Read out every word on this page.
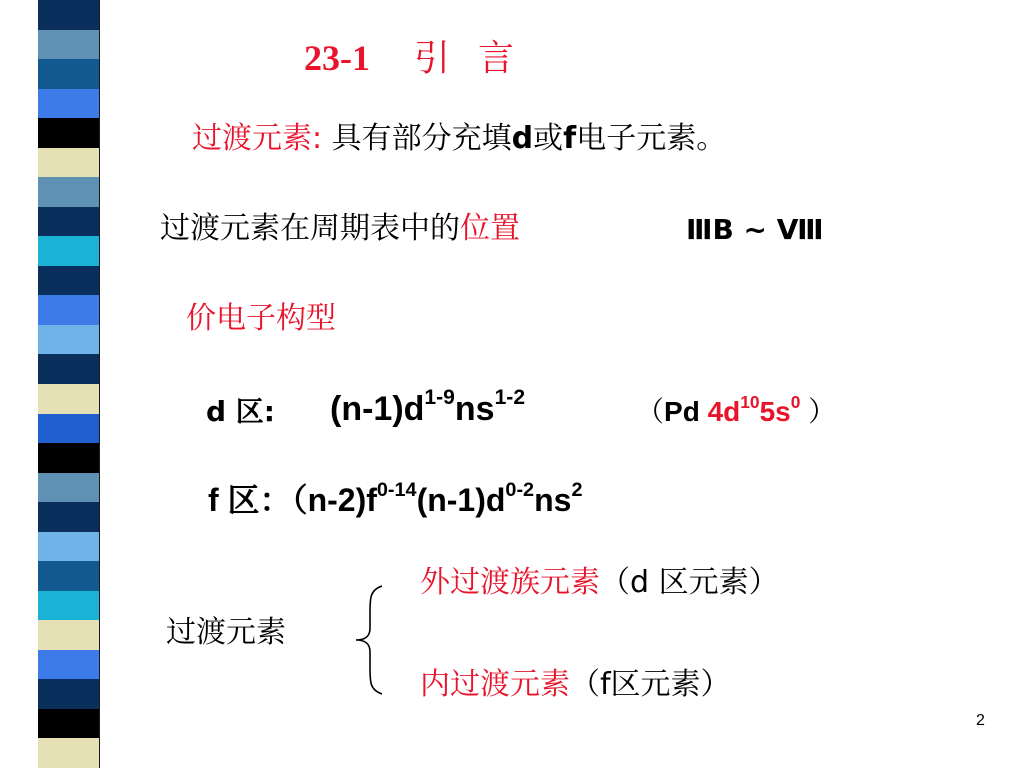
23-1 引 言
过渡元素: 具有部分充填d或f电子元素。
过渡元素在周期表中的位置	ⅢB ~ Ⅷ
价电子构型
d 区: $(n-1)d^{1-9}ns^{1-2}$	（Pd $4d^{10}5s^0$ ）
f 区：$(n-2)f^{0-14}(n-1)d^{0-2}ns^2$
过渡元素
外过渡族元素（d 区元素）
内过渡元素（f区元素）
2
